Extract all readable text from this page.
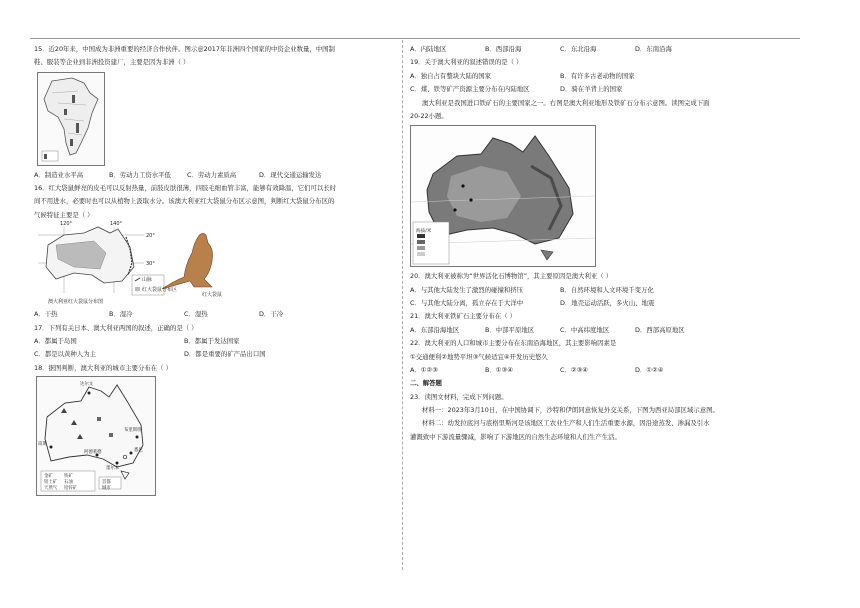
15．近20年来，中国成为非洲重要的经济合作伙伴。图示意2017年非洲四个国家的中资企业数量，中国制

鞋、服装等企业到非洲投资建厂，主要是因为非洲（ ）

A．制造业水平高	B．劳动力工资水平低	C．劳动力素质高	D．现代交通运输发达

16．红大袋鼠鲜亮的皮毛可以反射热量，前肢皮肤很薄，四肢毛细血管丰富，能够有效降温，它们可以长时

间不用进水，必要时也可以从植物上汲取水分。该澳大利亚红大袋鼠分布区示意图，判断红大袋鼠分布区的

气候特征主要是（ ）

120°	140°
20°
30°
山脉
红大袋鼠分布区
红大袋鼠
澳大利亚红大袋鼠分布图
A．干热	B．湿冷	C．湿热	D．干冷

17．下列有关日本、澳大利亚两国的叙述，正确的是（ ）

A．都属于岛国	B．都属于发达国家
C．都是以黄种人为主	D．都是重要的矿产品出口国

18．据图判断，澳大利亚的城市主要分布在（ ）

达尔文
布里斯班
悉尼
墨尔本
珀斯
阿德莱德
金矿	铁矿
铝土矿 石油
天然气 铅锌矿
首都
城市
A．内陆地区	B．西部沿海	C．东北沿海	D．东南沿海

19．关于澳大利亚的叙述错误的是（ ）

A．独自占有整块大陆的国家	B．有许多古老动物的国家
C．煤、铁等矿产资源主要分布在内陆地区	D．骑在羊背上的国家

澳大利亚是我国进口铁矿石的主要国家之一。右图是澳大利亚地形及铁矿石分布示意图。读图完成下面

20-22小题。

海拔/米

20．澳大利亚被称为“世界活化石博物馆”，其主要原因是澳大利亚（ ）

A．与其他大陆发生了激烈的碰撞和挤压	B．自然环境和人文环境千变万化
C．与其他大陆分离，孤立存在于大洋中	D．地壳运动活跃，多火山、地震

21．澳大利亚铁矿石主要分布在（ ）

A．东部沿海地区	B．中部平原地区	C．中高纬度地区	D．西部高原地区

22．澳大利亚的人口和城市主要分布在东南沿海地区，其主要影响因素是

①交通便利②地势平坦③气候适宜④开发历史悠久

A．①②③	B．①③④	C．②③④	D．①②④

二、解答题

23．读图文材料，完成下列问题。

材料一：2023年3月10日，在中国协调下，沙特和伊朗同意恢复外交关系，下图为西亚局部区域示意图。

材料二：幼发拉底河与底格里斯河是该地区工农业生产和人们生活重要水源，因沿途蒸发、渗漏及引水

灌溉致中下游流量骤减，影响了下游地区的自然生态环境和人们生产生活。
